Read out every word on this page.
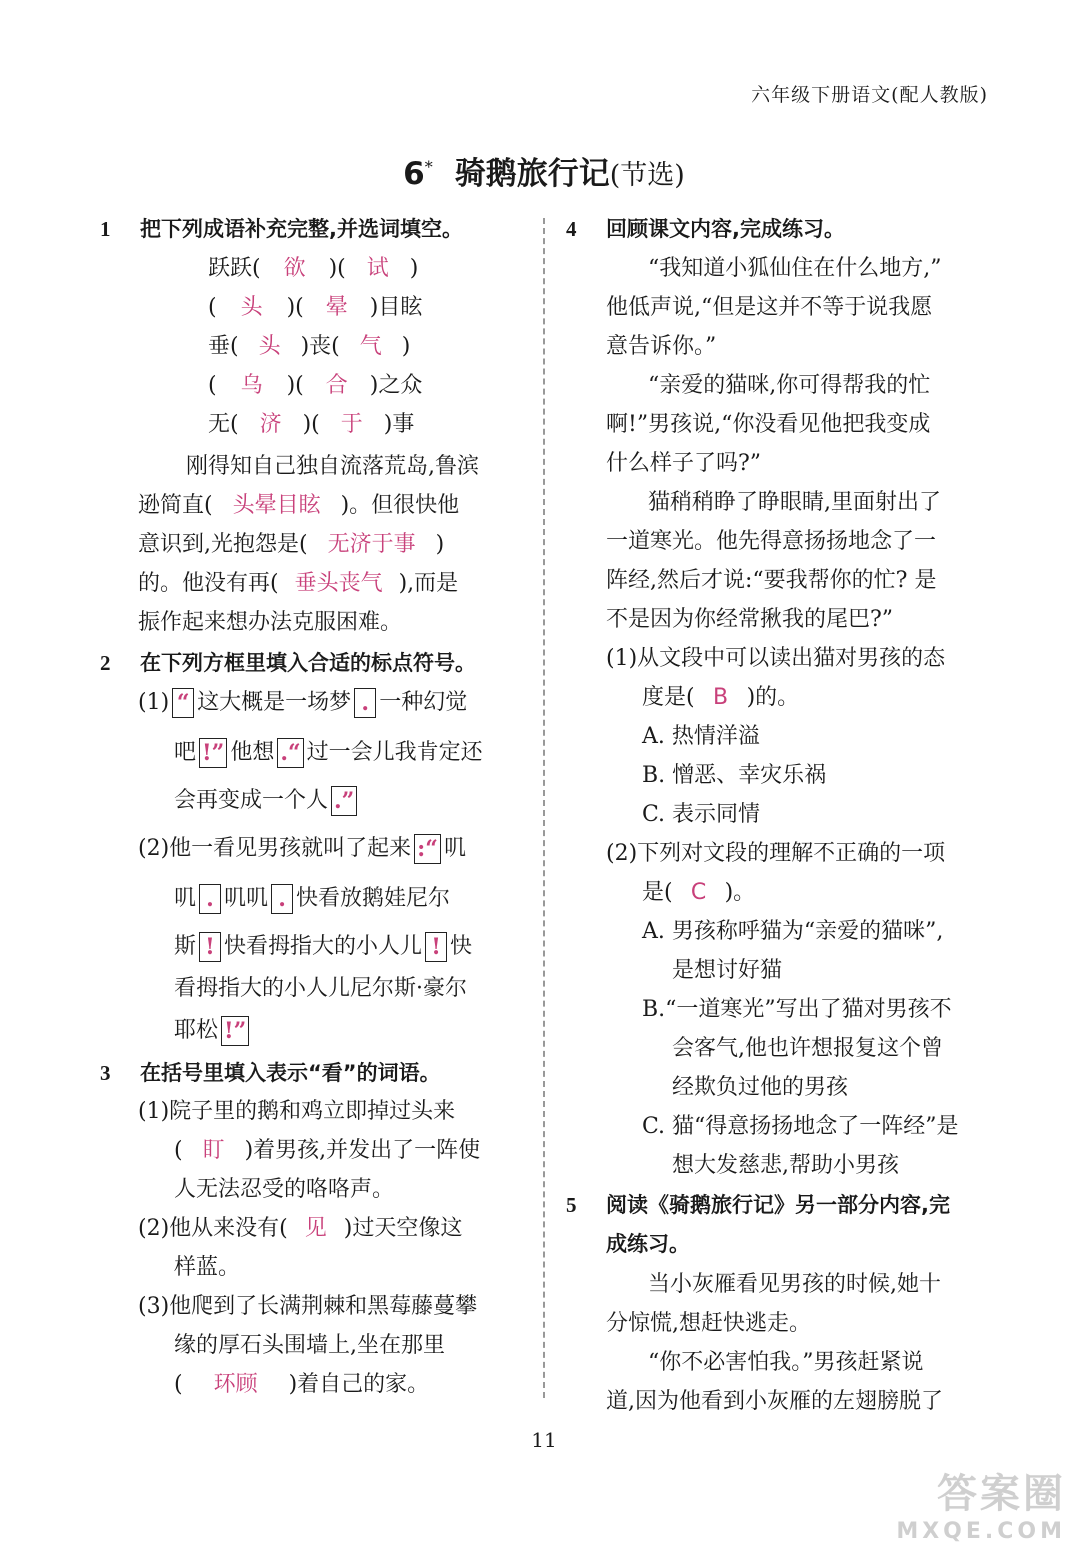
六年级下册语文(配人教版)
6* 骑鹅旅行记(节选)
1 把下列成语补充完整,并选词填空。
跃跃( 欲 )( 试 )
( 头 )( 晕 )目眩
垂( 头 )丧( 气 )
( 乌 )( 合 )之众
无( 济 )( 于 )事
刚得知自己独自流落荒岛,鲁滨
逊简直( 头晕目眩 )。但很快他
意识到,光抱怨是( 无济于事 )
的。他没有再( 垂头丧气 ),而是
振作起来想办法克服困难。
2 在下列方框里填入合适的标点符号。
(1) “ 这大概是一场梦 . 一种幻觉
吧 !” 他想 .“ 过一会儿我肯定还
会再变成一个人 .”
(2)他一看见男孩就叫了起来 :“ 叽
叽 . 叽叽 . 快看放鹅娃尼尔
斯 ! 快看拇指大的小人儿 ! 快
看拇指大的小人儿尼尔斯·豪尔
耶松 !”
3 在括号里填入表示“看”的词语。
(1)院子里的鹅和鸡立即掉过头来
( 盯 )着男孩,并发出了一阵使
人无法忍受的咯咯声。
(2)他从来没有( 见 )过天空像这
样蓝。
(3)他爬到了长满荆棘和黑莓藤蔓攀
缘的厚石头围墙上,坐在那里
( 环顾 )着自己的家。
4 回顾课文内容,完成练习。
“我知道小狐仙住在什么地方,”
他低声说,“但是这并不等于说我愿
意告诉你。”
“亲爱的猫咪,你可得帮我的忙
啊!”男孩说,“你没看见他把我变成
什么样子了吗?”
猫稍稍睁了睁眼睛,里面射出了
一道寒光。他先得意扬扬地念了一
阵经,然后才说:“要我帮你的忙? 是
不是因为你经常揪我的尾巴?”
(1)从文段中可以读出猫对男孩的态
度是( B )的。
A. 热情洋溢
B. 憎恶、幸灾乐祸
C. 表示同情
(2)下列对文段的理解不正确的一项
是( C )。
A. 男孩称呼猫为“亲爱的猫咪”,
是想讨好猫
B.“一道寒光”写出了猫对男孩不
会客气,他也许想报复这个曾
经欺负过他的男孩
C. 猫“得意扬扬地念了一阵经”是
想大发慈悲,帮助小男孩
5 阅读《骑鹅旅行记》另一部分内容,完
成练习。
当小灰雁看见男孩的时候,她十
分惊慌,想赶快逃走。
“你不必害怕我。”男孩赶紧说
道,因为他看到小灰雁的左翅膀脱了
11
答案圈
MXQE.COM
